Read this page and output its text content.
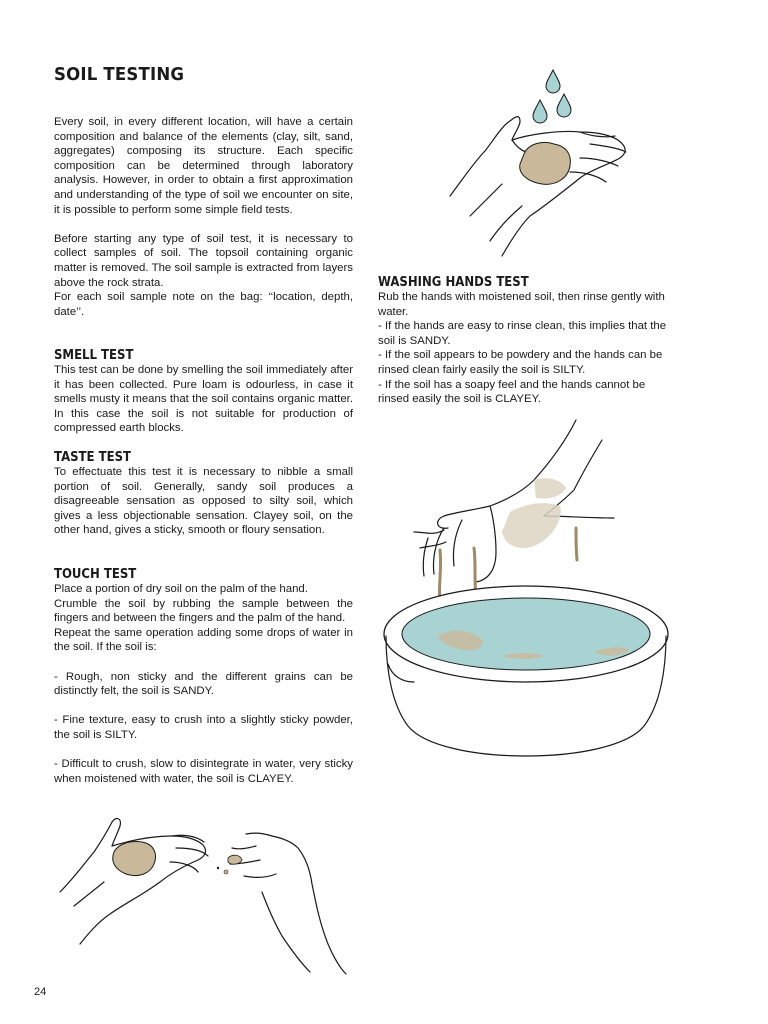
SOIL TESTING

Every soil, in every different location, will have a certain composition and balance of the elements (clay, silt, sand, aggregates) composing its structure. Each specific composition can be determined through laboratory analysis. However, in order to obtain a first approximation and understanding of the type of soil we encounter on site, it is possible to perform some simple field tests.

Before starting any type of soil test, it is necessary to collect samples of soil. The topsoil containing organic matter is removed. The soil sample is extracted from layers above the rock strata.

For each soil sample note on the bag: ‘‘location, depth, date’’.

SMELL TEST

This test can be done by smelling the soil immediately after it has been collected. Pure loam is odourless, in case it smells musty it means that the soil contains organic matter. In this case the soil is not suitable for production of compressed earth blocks.

TASTE TEST

To effectuate this test it is necessary to nibble a small portion of soil. Generally, sandy soil produces a disagreeable sensation as opposed to silty soil, which gives a less objectionable sensation. Clayey soil, on the other hand, gives a sticky, smooth or floury sensation.

TOUCH TEST

Place a portion of dry soil on the palm of the hand.

Crumble the soil by rubbing the sample between the fingers and between the fingers and the palm of the hand.

Repeat the same operation adding some drops of water in the soil. If the soil is:

- Rough, non sticky and the different grains can be distinctly felt, the soil is SANDY.

- Fine texture, easy to crush into a slightly sticky powder, the soil is SILTY.

- Difficult to crush, slow to disintegrate in water, very sticky when moistened with water, the soil is CLAYEY.

WASHING HANDS TEST

Rub the hands with moistened soil, then rinse gently with water.

- If the hands are easy to rinse clean, this implies that the soil is SANDY.

- If the soil appears to be powdery and the hands can be rinsed clean fairly easily the soil is SILTY.

- If the soil has a soapy feel and the hands cannot be rinsed easily the soil is CLAYEY.

24
